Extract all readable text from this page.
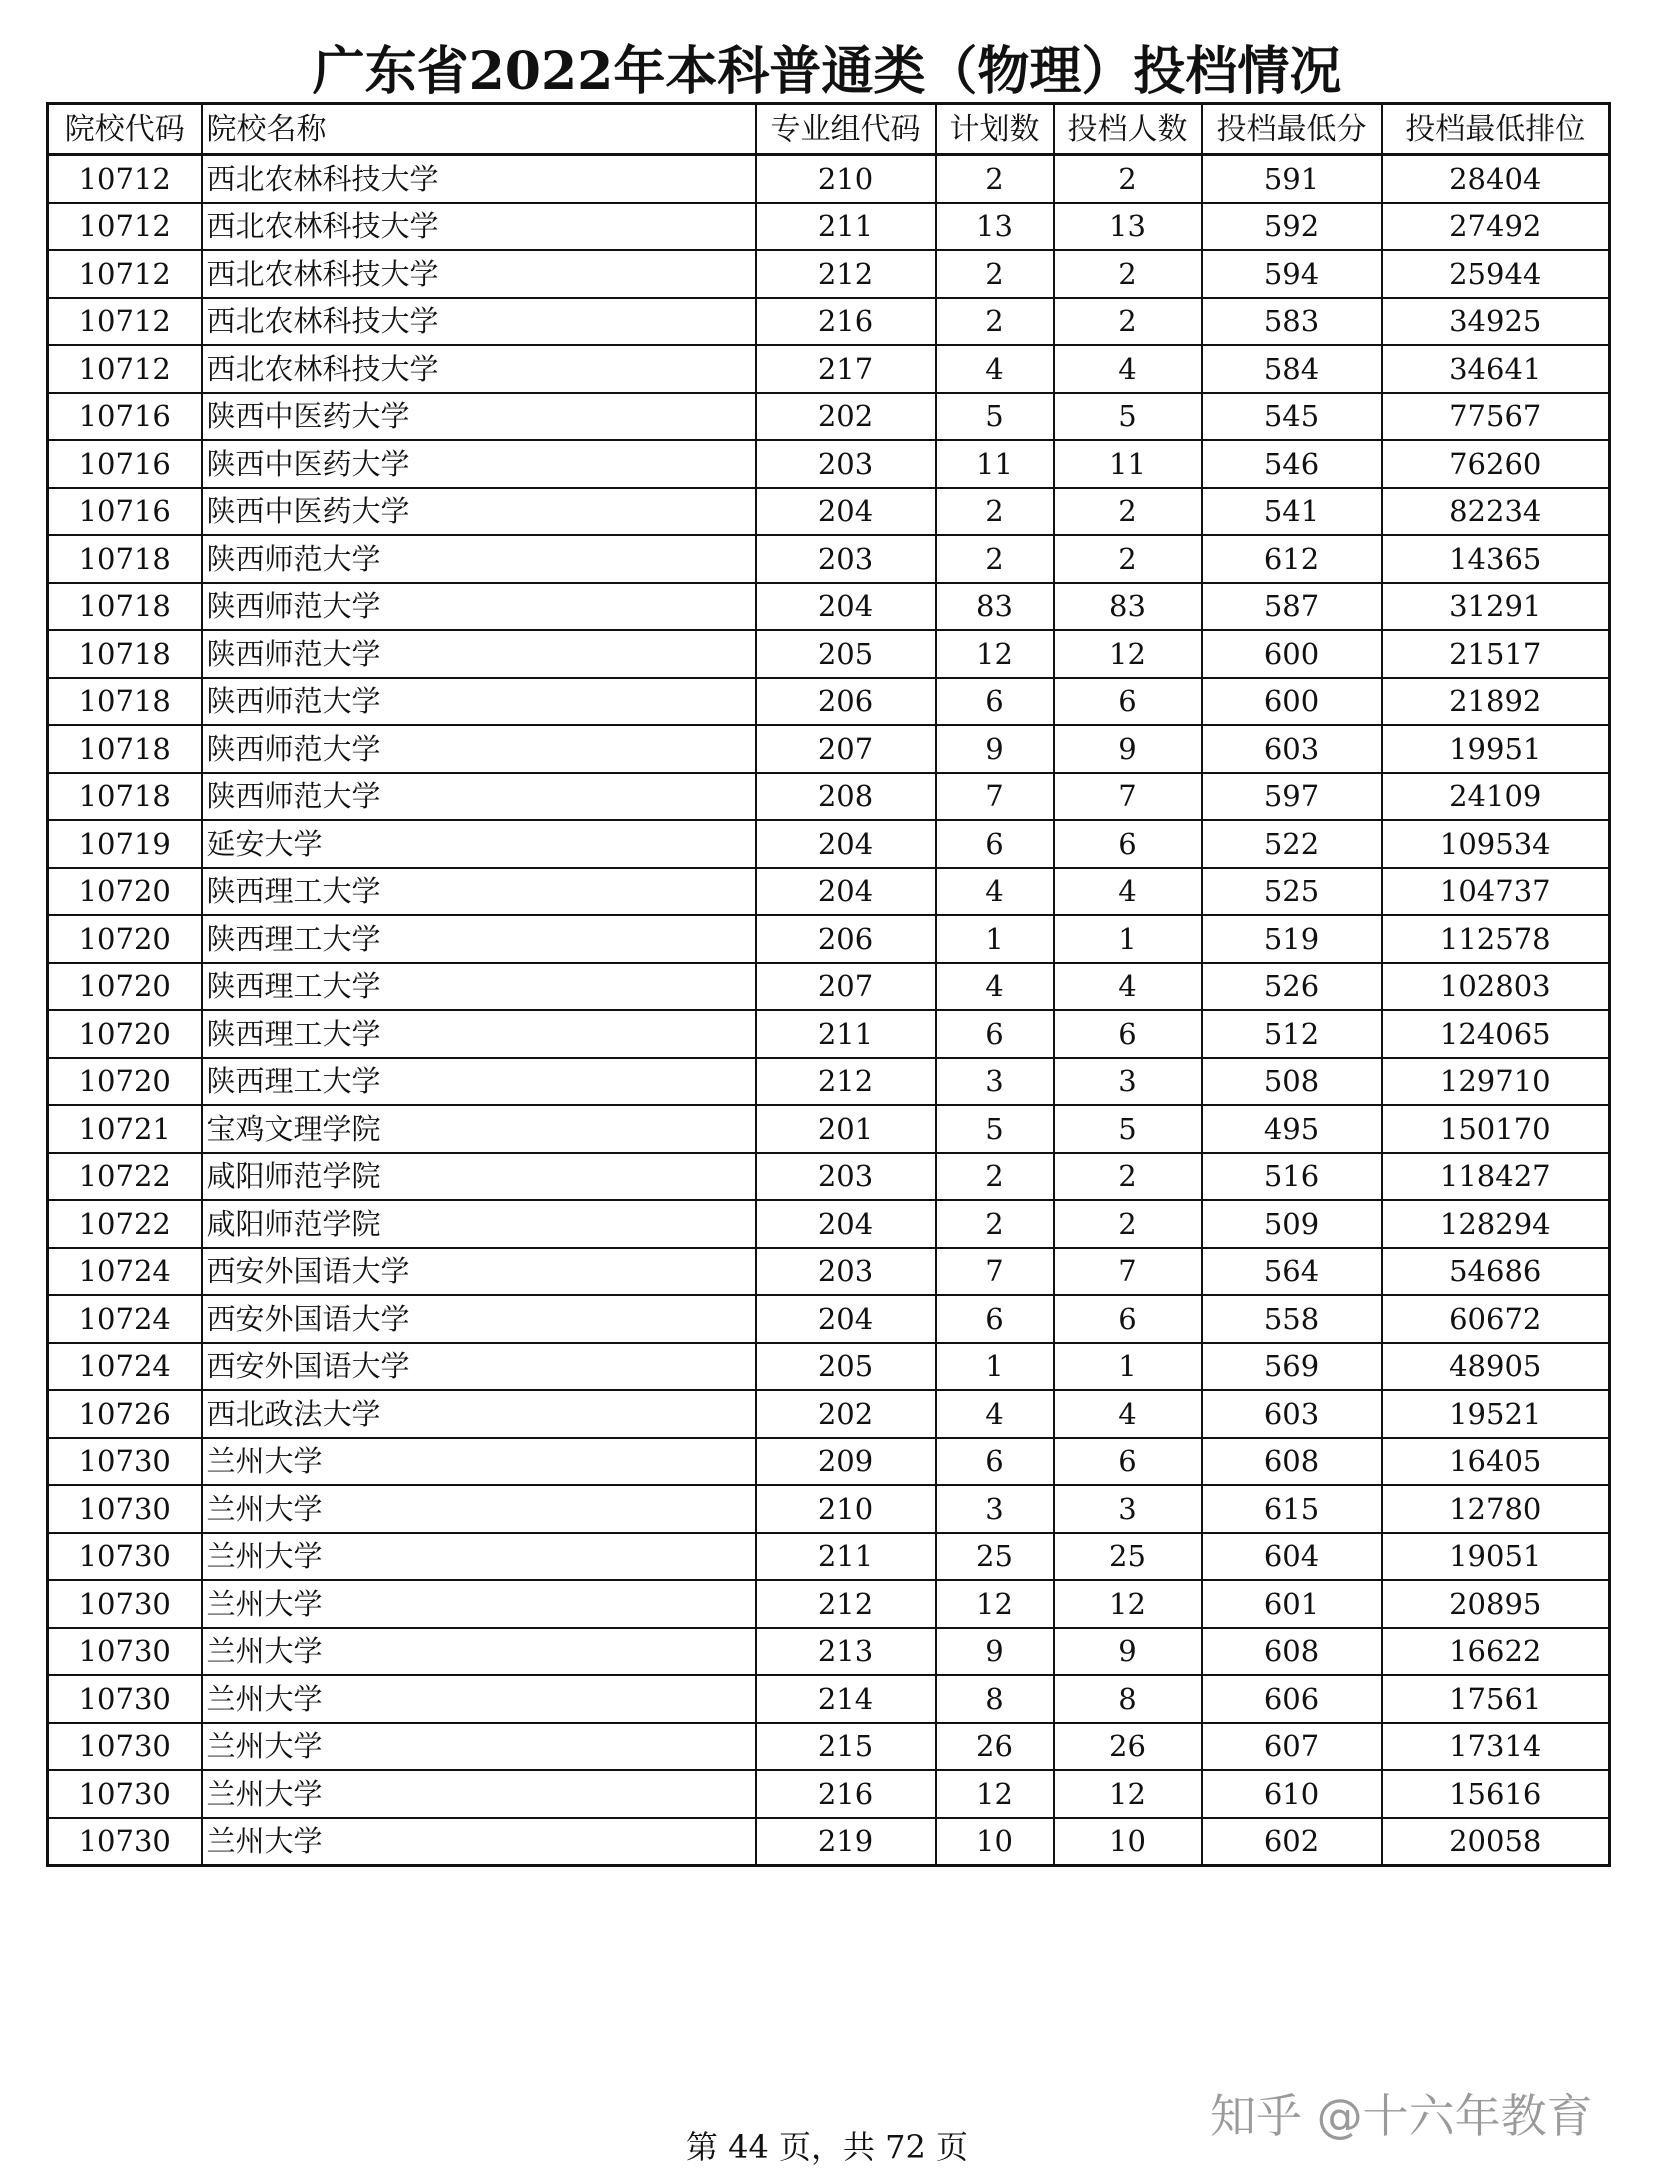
广东省2022年本科普通类（物理）投档情况
院校代码	院校名称	专业组代码	计划数	投档人数	投档最低分	投档最低排位
10712	西北农林科技大学	210	2	2	591	28404
10712	西北农林科技大学	211	13	13	592	27492
10712	西北农林科技大学	212	2	2	594	25944
10712	西北农林科技大学	216	2	2	583	34925
10712	西北农林科技大学	217	4	4	584	34641
10716	陕西中医药大学	202	5	5	545	77567
10716	陕西中医药大学	203	11	11	546	76260
10716	陕西中医药大学	204	2	2	541	82234
10718	陕西师范大学	203	2	2	612	14365
10718	陕西师范大学	204	83	83	587	31291
10718	陕西师范大学	205	12	12	600	21517
10718	陕西师范大学	206	6	6	600	21892
10718	陕西师范大学	207	9	9	603	19951
10718	陕西师范大学	208	7	7	597	24109
10719	延安大学	204	6	6	522	109534
10720	陕西理工大学	204	4	4	525	104737
10720	陕西理工大学	206	1	1	519	112578
10720	陕西理工大学	207	4	4	526	102803
10720	陕西理工大学	211	6	6	512	124065
10720	陕西理工大学	212	3	3	508	129710
10721	宝鸡文理学院	201	5	5	495	150170
10722	咸阳师范学院	203	2	2	516	118427
10722	咸阳师范学院	204	2	2	509	128294
10724	西安外国语大学	203	7	7	564	54686
10724	西安外国语大学	204	6	6	558	60672
10724	西安外国语大学	205	1	1	569	48905
10726	西北政法大学	202	4	4	603	19521
10730	兰州大学	209	6	6	608	16405
10730	兰州大学	210	3	3	615	12780
10730	兰州大学	211	25	25	604	19051
10730	兰州大学	212	12	12	601	20895
10730	兰州大学	213	9	9	608	16622
10730	兰州大学	214	8	8	606	17561
10730	兰州大学	215	26	26	607	17314
10730	兰州大学	216	12	12	610	15616
10730	兰州大学	219	10	10	602	20058
第 44 页，共 72 页
知乎 @十六年教育
